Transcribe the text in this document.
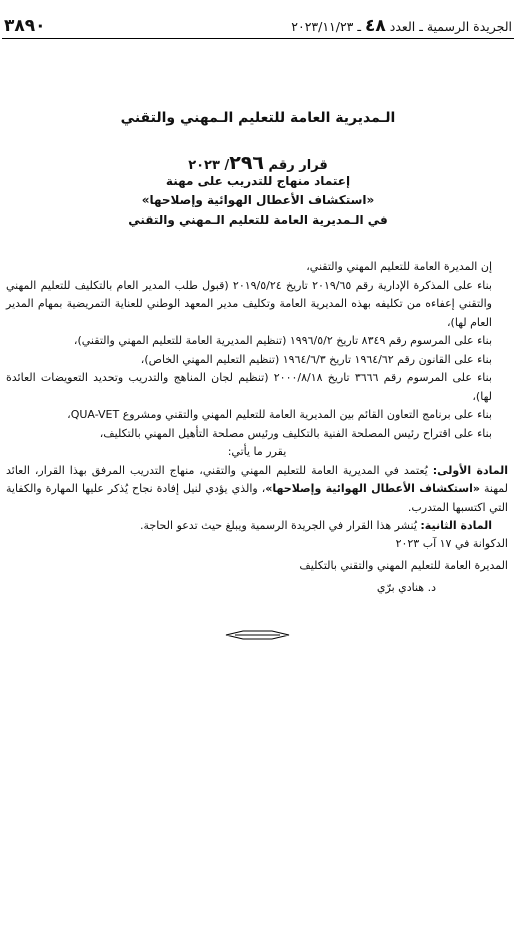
الجريدة الرسمية ـ العدد ٤٨ ـ ٢٠٢٣/١١/٢٣
٣٨٩٠
الـمديرية العامة للتعليم الـمهني والتقني
قرار رقم ٢٩٦/ ٢٠٢٣
إعتماد منهاج للتدريب على مهنة
«استكشاف الأعطال الهوائية وإصلاحها»
في الـمديرية العامة للتعليم الـمهني والتقني

إن المديرة العامة للتعليم المهني والتقني،

بناء على المذكرة الإدارية رقم ٢٠١٩/٦٥ تاريخ ٢٠١٩/٥/٢٤ (قبول طلب المدير العام بالتكليف للتعليم المهني والتقني إعفاءه من تكليفه بهذه المديرية العامة وتكليف مدير المعهد الوطني للعناية التمريضية بمهام المدير العام لها)،

بناء على المرسوم رقم ٨٣٤٩ تاريخ ١٩٩٦/٥/٢ (تنظيم المديرية العامة للتعليم المهني والتقني)،

بناء على القانون رقم ١٩٦٤/٦٢ تاريخ ١٩٦٤/٦/٣ (تنظيم التعليم المهني الخاص)،

بناء على المرسوم رقم ٣٦٦٦ تاريخ ٢٠٠٠/٨/١٨ (تنظيم لجان المناهج والتدريب وتحديد التعويضات العائدة لها)،

بناء على برنامج التعاون القائم بين المديرية العامة للتعليم المهني والتقني ومشروع QUA-VET،

بناء على اقتراح رئيس المصلحة الفنية بالتكليف ورئيس مصلحة التأهيل المهني بالتكليف،

يقرر ما يأتي:

المادة الأولى: يُعتمد في المديرية العامة للتعليم المهني والتقني، منهاج التدريب المرفق بهذا القرار، العائد لمهنة «استكشاف الأعطال الهوائية وإصلاحها»، والذي يؤدي لنيل إفادة نجاح يُذكر عليها المهارة والكفاية التي اكتسبها المتدرب.

المادة الثانية: يُنشر هذا القرار في الجريدة الرسمية ويبلغ حيث تدعو الحاجة.

الدكوانة في ١٧ آب ٢٠٢٣
المديرة العامة للتعليم المهني والتقني بالتكليف
د. هنادي برّي
